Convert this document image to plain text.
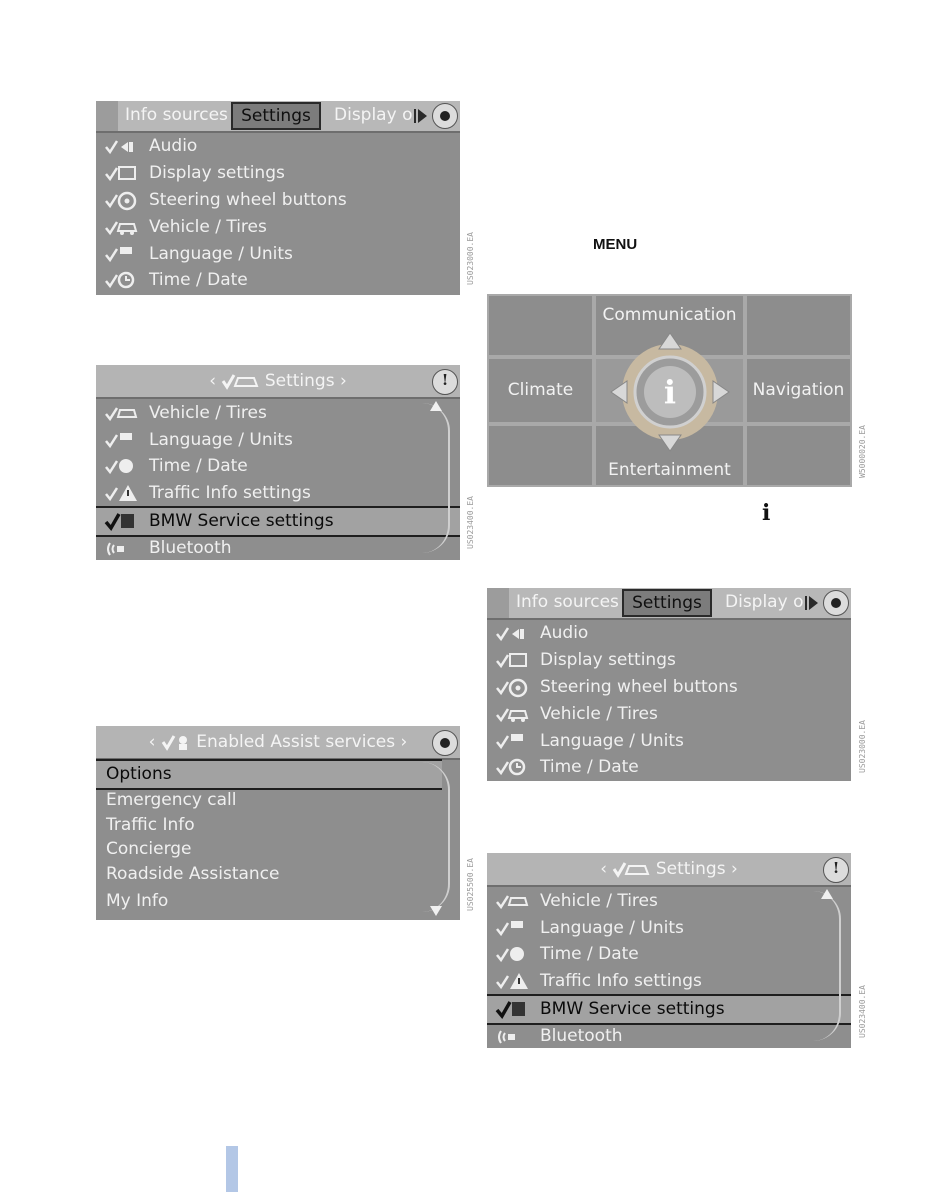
Info sources Settings	Display o
Audio
Display settings
Steering wheel buttons
Vehicle / Tires
Language / Units
Time / Date	US023000.EA
‹	Settings ›	!
Vehicle / Tires
Language / Units
Time / Date
Traffic Info settings
BMW Service settings
Bluetooth	US023400.EA
‹ Enabled Assist services ›
Options
Emergency call
Traffic Info
Concierge
Roadside Assistance
My Info	US025500.EA
MENU
Communication
Climate	Navigation
Entertainment
i
W5000020.EA
i
Info sources Settings	Display o
Audio
Display settings
Steering wheel buttons
Vehicle / Tires
Language / Units
Time / Date	US023000.EA
‹	Settings ›	!
Vehicle / Tires
Language / Units
Time / Date
Traffic Info settings
BMW Service settings
Bluetooth	US023400.EA
